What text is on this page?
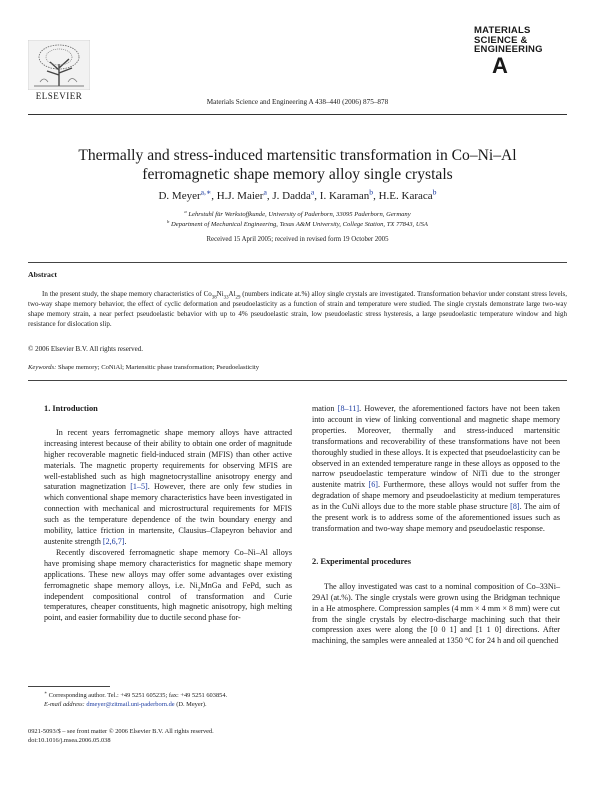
ELSEVIER
Materials Science and Engineering A 438–440 (2006) 875–878
MATERIALS
SCIENCE &
ENGINEERING
A
Thermally and stress-induced martensitic transformation in Co–Ni–Al
ferromagnetic shape memory alloy single crystals
D. Meyer$^{a,∗}$, H.J. Maier$^a$, J. Dadda$^a$, I. Karaman$^b$, H.E. Karaca$^b$
$^a$ Lehrstuhl für Werkstoffkunde, University of Paderborn, 33095 Paderborn, Germany
$^b$ Department of Mechanical Engineering, Texas A&M University, College Station, TX 77843, USA
Received 15 April 2005; received in revised form 19 October 2005
Abstract
In the present study, the shape memory characteristics of $Co_{38}Ni_{33}Al_{29}$ (numbers indicate at.%) alloy single crystals are investigated. Transformation behavior under constant stress levels, two-way shape memory behavior, the effect of cyclic deformation and pseudoelasticity as a function of strain and temperature were studied. The single crystals demonstrate large two-way shape memory strain, a near perfect pseudoelastic behavior with up to 4% pseudoelastic strain, low pseudoelastic stress hysteresis, a large pseudoelastic temperature window and high resistance for dislocation slip.
© 2006 Elsevier B.V. All rights reserved.
Keywords: Shape memory; CoNiAl; Martensitic phase transformation; Pseudoelasticity
1. Introduction

In recent years ferromagnetic shape memory alloys have attracted increasing interest because of their ability to obtain one order of magnitude higher recoverable magnetic field-induced strain (MFIS) than other active materials. The magnetic property requirements for observing MFIS are well-established such as high magnetocrystalline anisotropy energy and saturation magnetization [1–5]. However, there are only few studies in which conventional shape memory characteristics have been investigated in connection with mechanical and microstructural requirements for MFIS such as the temperature dependence of the twin boundary energy and mobility, lattice friction in martensite, Clausius–Clapeyron behavior and austenite strength [2,6,7].

Recently discovered ferromagnetic shape memory Co–Ni–Al alloys have promising shape memory characteristics for magnetic shape memory applications. These new alloys may offer some advantages over existing ferromagnetic shape memory alloys, i.e. $Ni_2MnGa$ and FePd, such as independent compositional control of transformation and Curie temperatures, cheaper constituents, high magnetic anisotropy, high melting point, and easier formability due to ductile second phase for-

mation [8–11]. However, the aforementioned factors have not been taken into account in view of linking conventional and magnetic shape memory properties. Moreover, thermally and stress-induced martensitic transformations and recoverability of these transformations have not been thoroughly studied in these alloys. It is expected that pseudoelasticity can be observed in an extended temperature range in these alloys as opposed to the narrow pseudoelastic temperature window of NiTi due to the stronger austenite matrix [6]. Furthermore, these alloys would not suffer from the degradation of shape memory and pseudoelasticity at medium temperatures as in the CuNi alloys due to the more stable phase structure [8]. The aim of the present work is to address some of the aforementioned issues such as transformation and two-way shape memory and pseudoelastic response.

2. Experimental procedures

The alloy investigated was cast to a nominal composition of Co–33Ni–29Al (at.%). The single crystals were grown using the Bridgman technique in a He atmosphere. Compression samples (4 mm × 4 mm × 8 mm) were cut from the single crystals by electro-discharge machining such that their compression axes were along the [0 0 1] and [1 1 0] directions. After machining, the samples were annealed at 1350 °C for 24 h and oil quenched

∗ Corresponding author. Tel.: +49 5251 605235; fax: +49 5251 603854.
E-mail address: dmeyer@zitmail.uni-paderborn.de (D. Meyer).
0921-5093/$ – see front matter © 2006 Elsevier B.V. All rights reserved.
doi:10.1016/j.msea.2006.05.038
